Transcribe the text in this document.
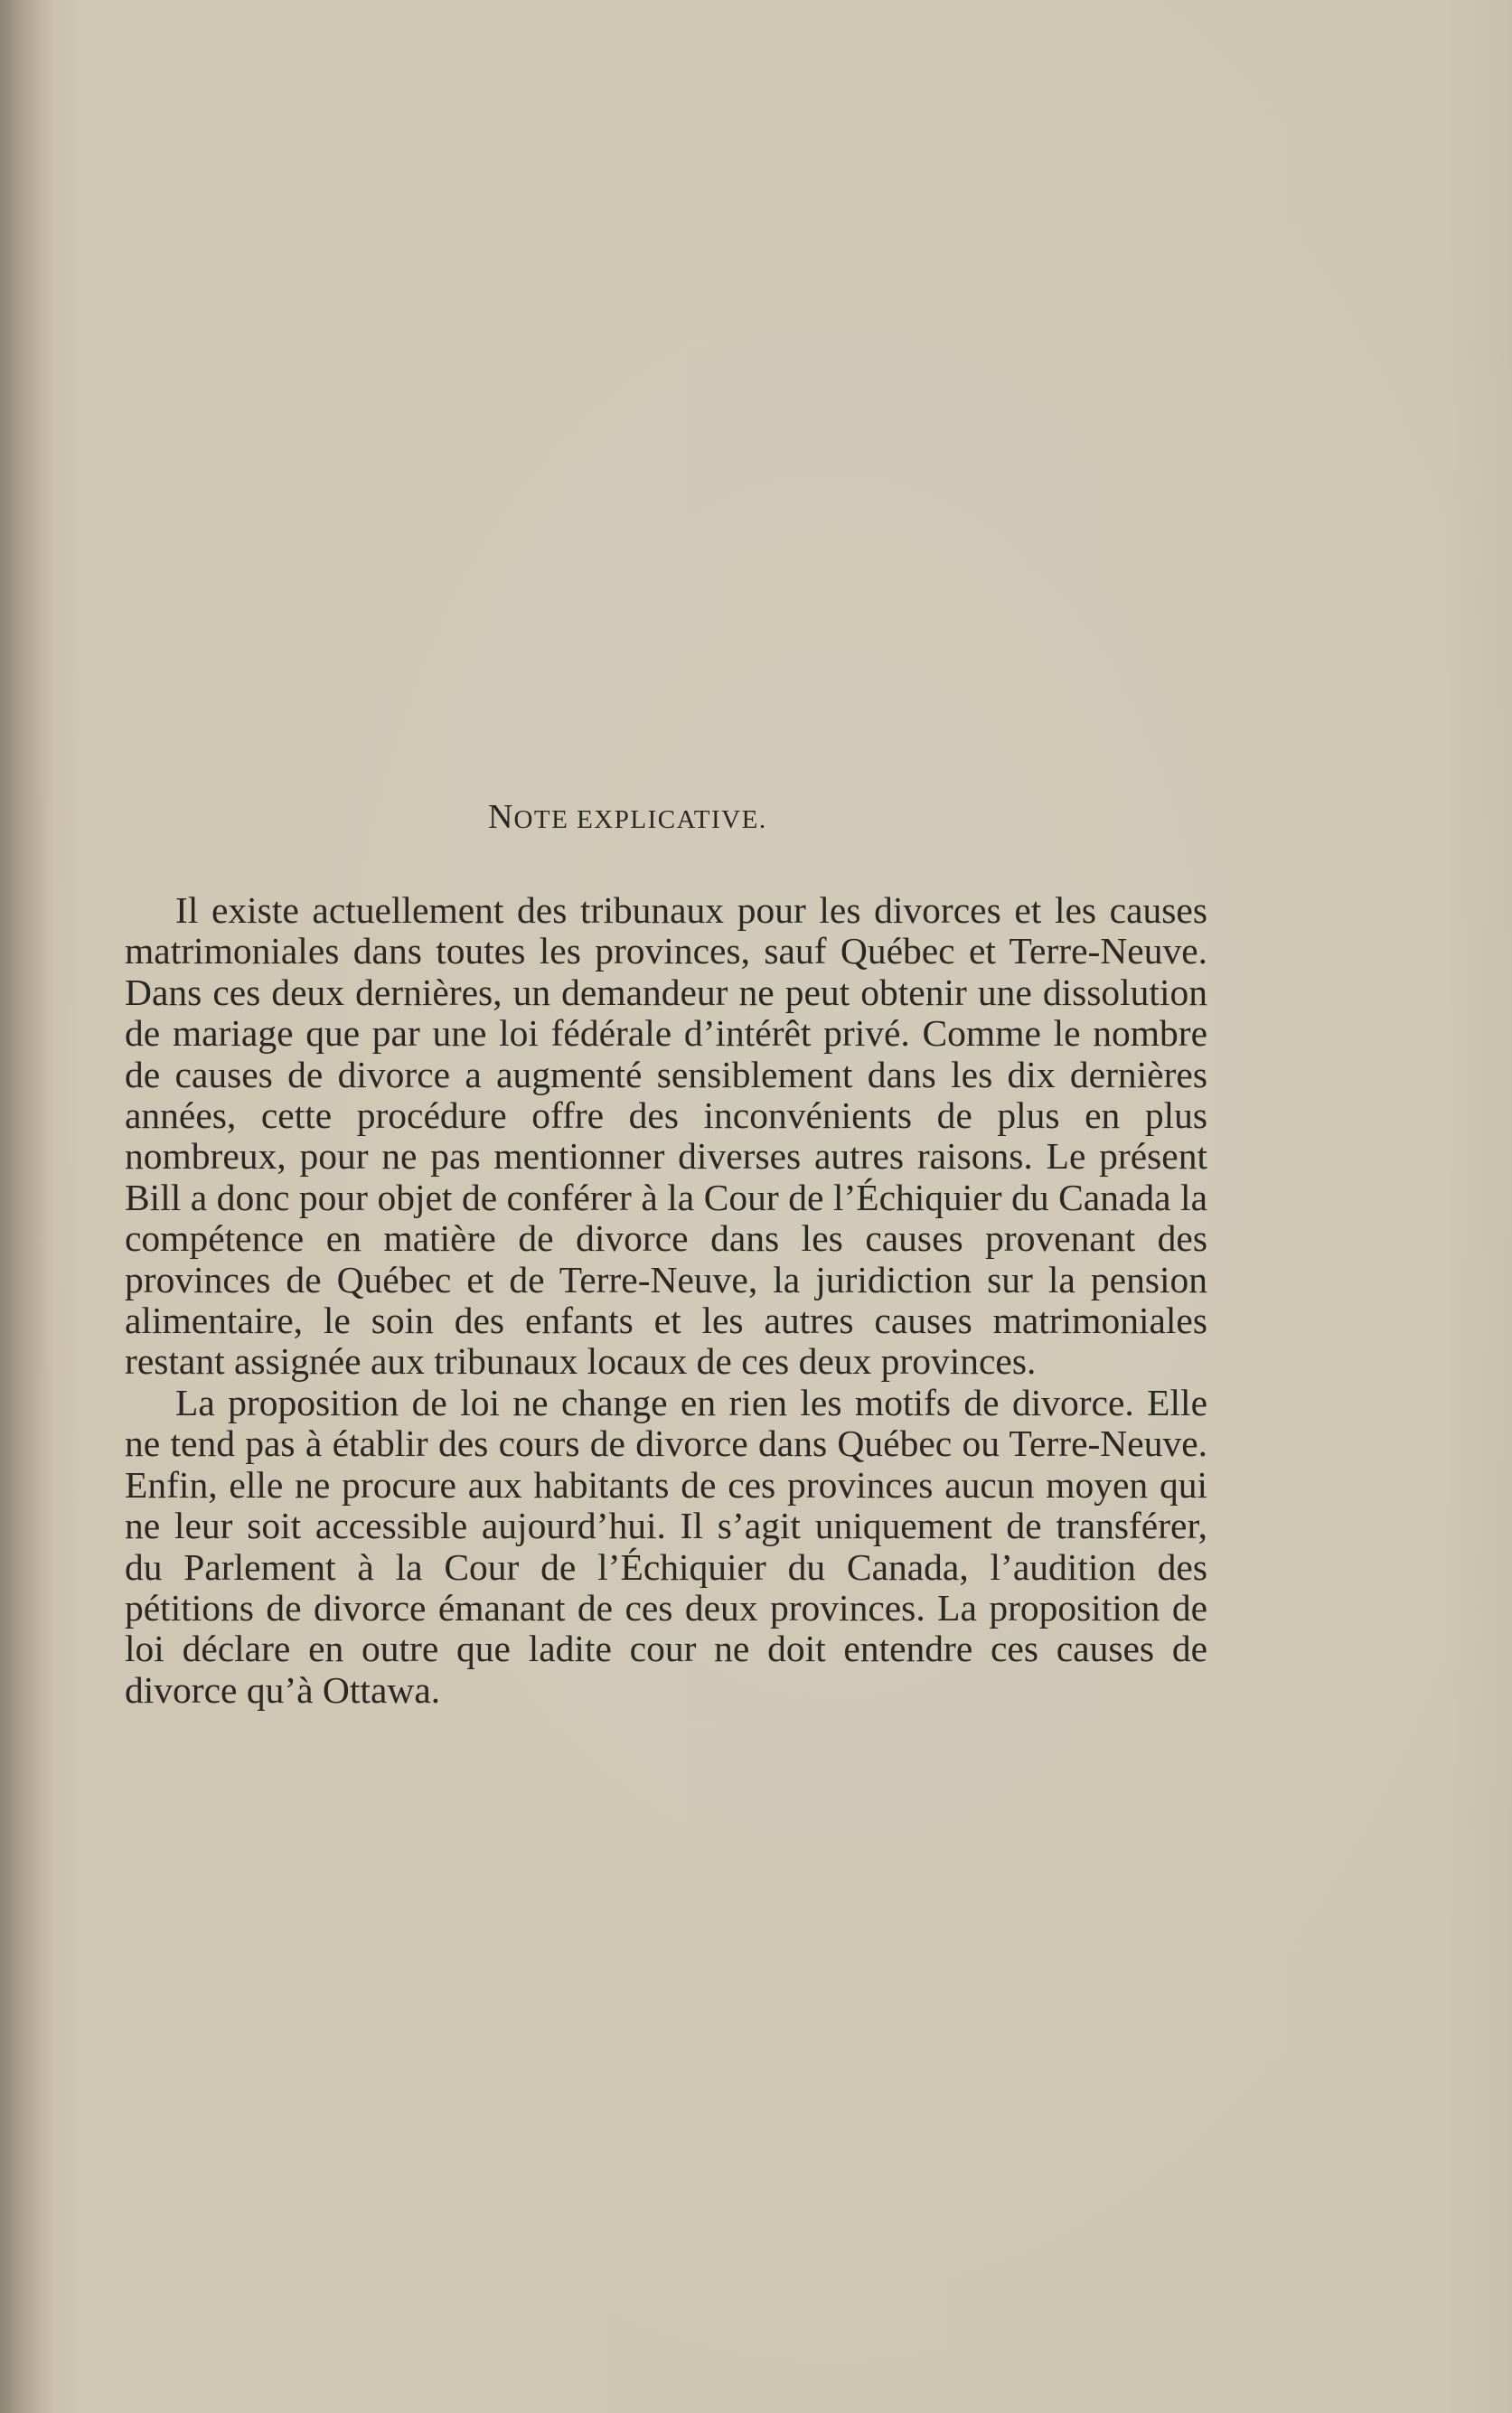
NOTE EXPLICATIVE.

Il existe actuellement des tribunaux pour les divorces et les causes matrimoniales dans toutes les provinces, sauf Québec et Terre-Neuve. Dans ces deux dernières, un demandeur ne peut obtenir une dissolution de mariage que par une loi fédérale d’intérêt privé. Comme le nombre de causes de divorce a augmenté sensiblement dans les dix dernières années, cette procédure offre des inconvénients de plus en plus nombreux, pour ne pas mentionner diverses autres raisons. Le présent Bill a donc pour objet de conférer à la Cour de l’Échiquier du Canada la compétence en matière de divorce dans les causes provenant des provinces de Québec et de Terre-Neuve, la juridiction sur la pension alimentaire, le soin des enfants et les autres causes matrimoniales restant assignée aux tribunaux locaux de ces deux provinces.

La proposition de loi ne change en rien les motifs de divorce. Elle ne tend pas à établir des cours de divorce dans Québec ou Terre-Neuve. Enfin, elle ne procure aux habitants de ces provinces aucun moyen qui ne leur soit accessible aujourd’hui. Il s’agit uniquement de transférer, du Parlement à la Cour de l’Échiquier du Canada, l’audition des pétitions de divorce émanant de ces deux provinces. La proposition de loi déclare en outre que ladite cour ne doit entendre ces causes de divorce qu’à Ottawa.
